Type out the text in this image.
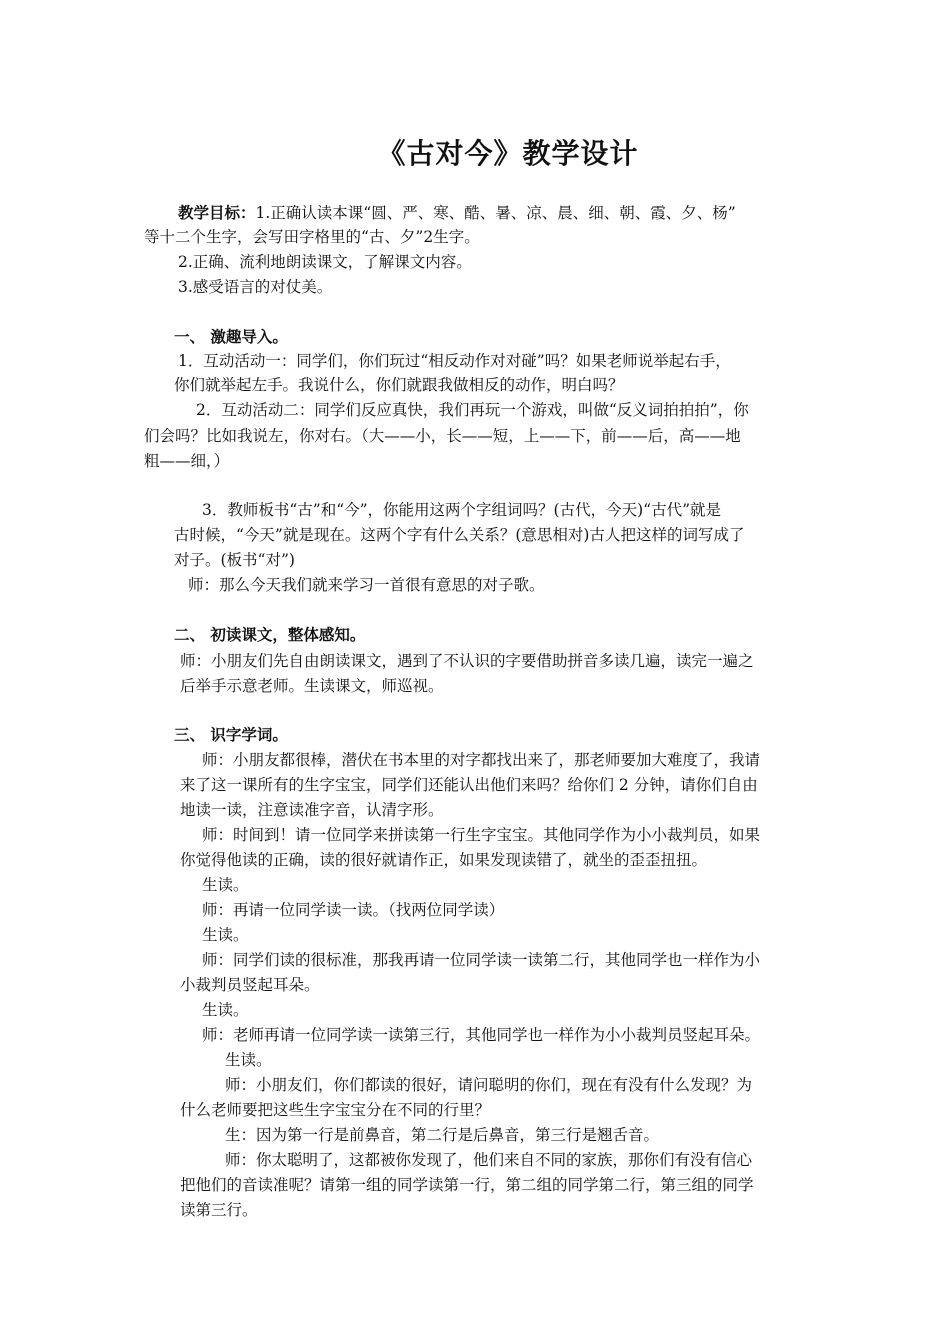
《古对今》教学设计
教学目标：1.正确认读本课“圆、严、寒、酷、暑、凉、晨、细、朝、霞、夕、杨”
等十二个生字，会写田字格里的“古、夕”2生字。
2.正确、流利地朗读课文，了解课文内容。
3.感受语言的对仗美。
一、 激趣导入。
1．互动活动一：同学们，你们玩过“相反动作对对碰”吗？如果老师说举起右手，
你们就举起左手。我说什么，你们就跟我做相反的动作，明白吗？
2．互动活动二：同学们反应真快，我们再玩一个游戏，叫做“反义词拍拍拍”，你
们会吗？比如我说左，你对右。（大——小，长——短，上——下，前——后，高——地
粗——细，）
3．教师板书“古”和“今”，你能用这两个字组词吗？(古代，今天)“古代”就是
古时候，“今天”就是现在。这两个字有什么关系？(意思相对)古人把这样的词写成了
对子。(板书“对”)
师：那么今天我们就来学习一首很有意思的对子歌。
二、 初读课文，整体感知。
师：小朋友们先自由朗读课文，遇到了不认识的字要借助拼音多读几遍，读完一遍之
后举手示意老师。生读课文，师巡视。
三、 识字学词。
师：小朋友都很棒，潜伏在书本里的对字都找出来了，那老师要加大难度了，我请
来了这一课所有的生字宝宝，同学们还能认出他们来吗？给你们 2 分钟，请你们自由
地读一读，注意读准字音，认清字形。
师：时间到！请一位同学来拼读第一行生字宝宝。其他同学作为小小裁判员，如果
你觉得他读的正确，读的很好就请作正，如果发现读错了，就坐的歪歪扭扭。
生读。
师：再请一位同学读一读。（找两位同学读）
生读。
师：同学们读的很标准，那我再请一位同学读一读第二行，其他同学也一样作为小
小裁判员竖起耳朵。
生读。
师：老师再请一位同学读一读第三行，其他同学也一样作为小小裁判员竖起耳朵。
生读。
师：小朋友们，你们都读的很好，请问聪明的你们，现在有没有什么发现？为
什么老师要把这些生字宝宝分在不同的行里？
生：因为第一行是前鼻音，第二行是后鼻音，第三行是翘舌音。
师：你太聪明了，这都被你发现了，他们来自不同的家族，那你们有没有信心
把他们的音读准呢？请第一组的同学读第一行，第二组的同学第二行，第三组的同学
读第三行。
